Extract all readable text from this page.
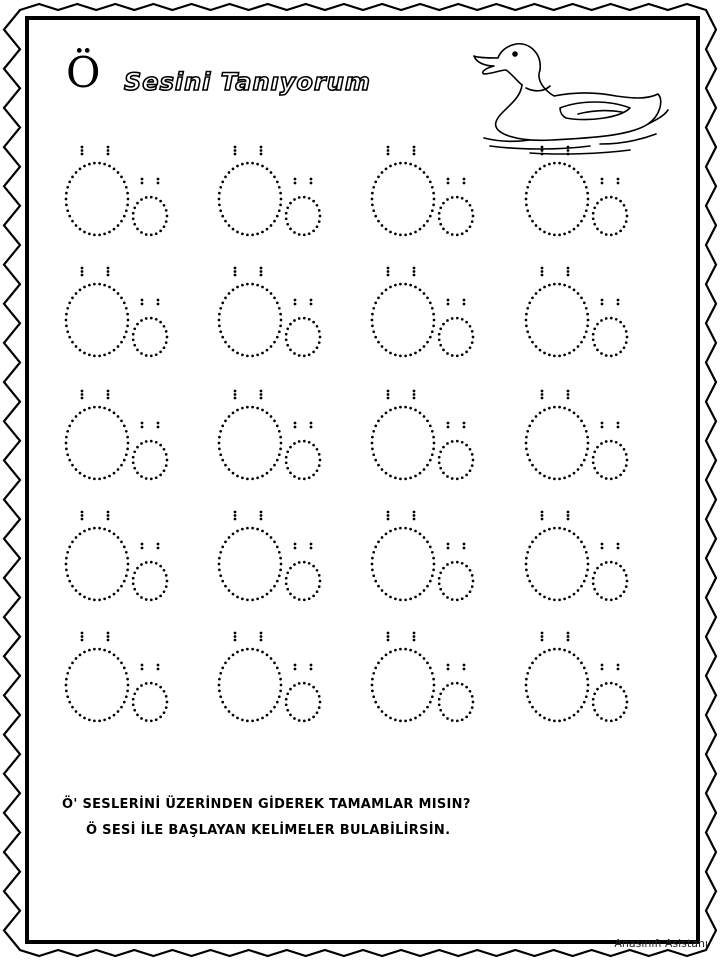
Ö Sesini Tanıyorum
Ö' SESLERİNİ ÜZERİNDEN GİDEREK TAMAMLAR MISIN?
Ö SESİ İLE BAŞLAYAN KELİMELER BULABİLİRSİN.
Anasınıfı Asistanı
